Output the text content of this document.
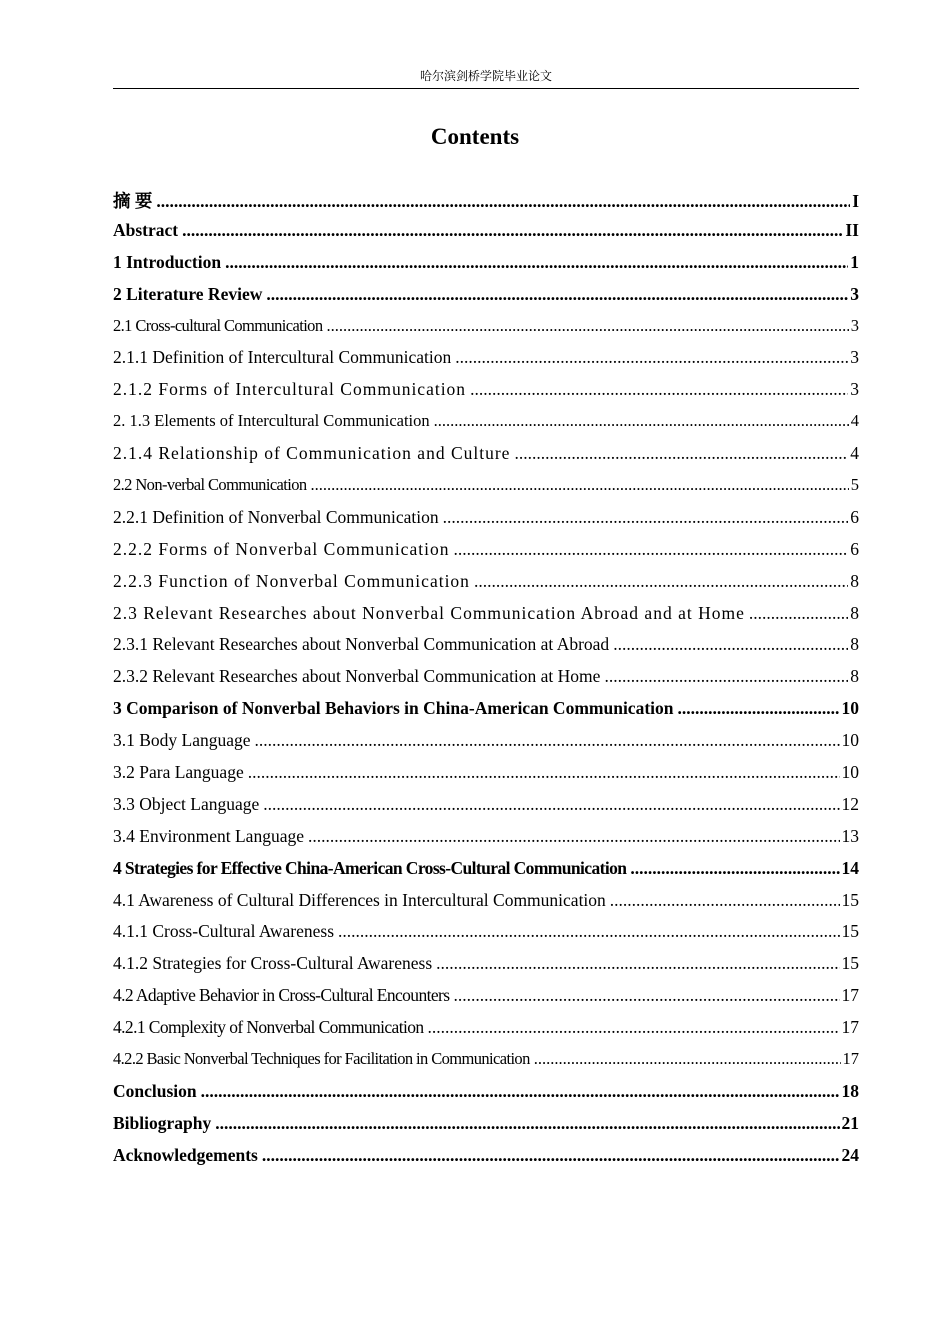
哈尔滨剑桥学院毕业论文
Contents
摘 要 .....	I
Abstract .....	II
1 Introduction .....	1
2 Literature Review .....	3
2.1 Cross-cultural Communication .....	3
2.1.1 Definition of Intercultural Communication .....	3
2.1.2 Forms of Intercultural Communication .....	3
2. 1.3 Elements of Intercultural Communication .....	4
2.1.4 Relationship of Communication and Culture .....	4
2.2 Non-verbal Communication .....	5
2.2.1 Definition of Nonverbal Communication .....	6
2.2.2 Forms of Nonverbal Communication .....	6
2.2.3 Function of Nonverbal Communication .....	8
2.3 Relevant Researches about Nonverbal Communication Abroad and at Home .....	8
2.3.1 Relevant Researches about Nonverbal Communication at Abroad .....	8
2.3.2 Relevant Researches about Nonverbal Communication at Home .....	8
3 Comparison of Nonverbal Behaviors in China-American Communication .....	10
3.1 Body Language .....	10
3.2 Para Language .....	10
3.3 Object Language .....	12
3.4 Environment Language .....	13
4 Strategies for Effective China-American Cross-Cultural Communication .....	14
4.1 Awareness of Cultural Differences in Intercultural Communication .....	15
4.1.1 Cross-Cultural Awareness .....	15
4.1.2 Strategies for Cross-Cultural Awareness .....	15
4.2 Adaptive Behavior in Cross-Cultural Encounters .....	17
4.2.1 Complexity of Nonverbal Communication .....	17
4.2.2 Basic Nonverbal Techniques for Facilitation in Communication .....	17
Conclusion .....	18
Bibliography .....	21
Acknowledgements .....	24
